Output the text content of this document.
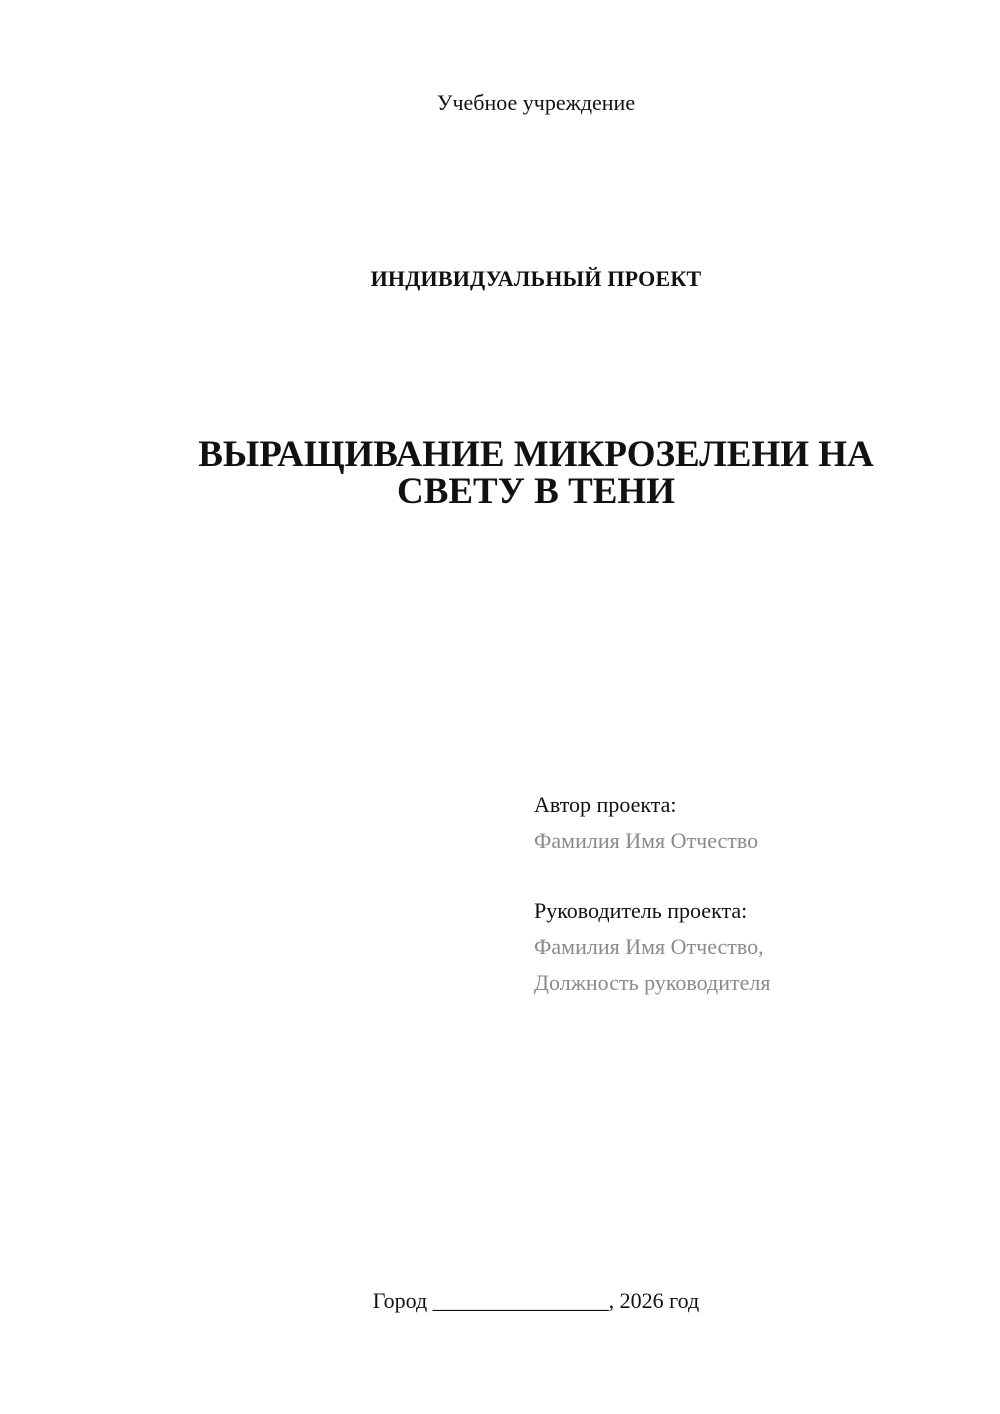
Учебное учреждение
ИНДИВИДУАЛЬНЫЙ ПРОЕКТ
ВЫРАЩИВАНИЕ МИКРОЗЕЛЕНИ НА
СВЕТУ В ТЕНИ
Автор проекта:
Фамилия Имя Отчество
Руководитель проекта:
Фамилия Имя Отчество,
Должность руководителя
Город ________________, 2026 год
